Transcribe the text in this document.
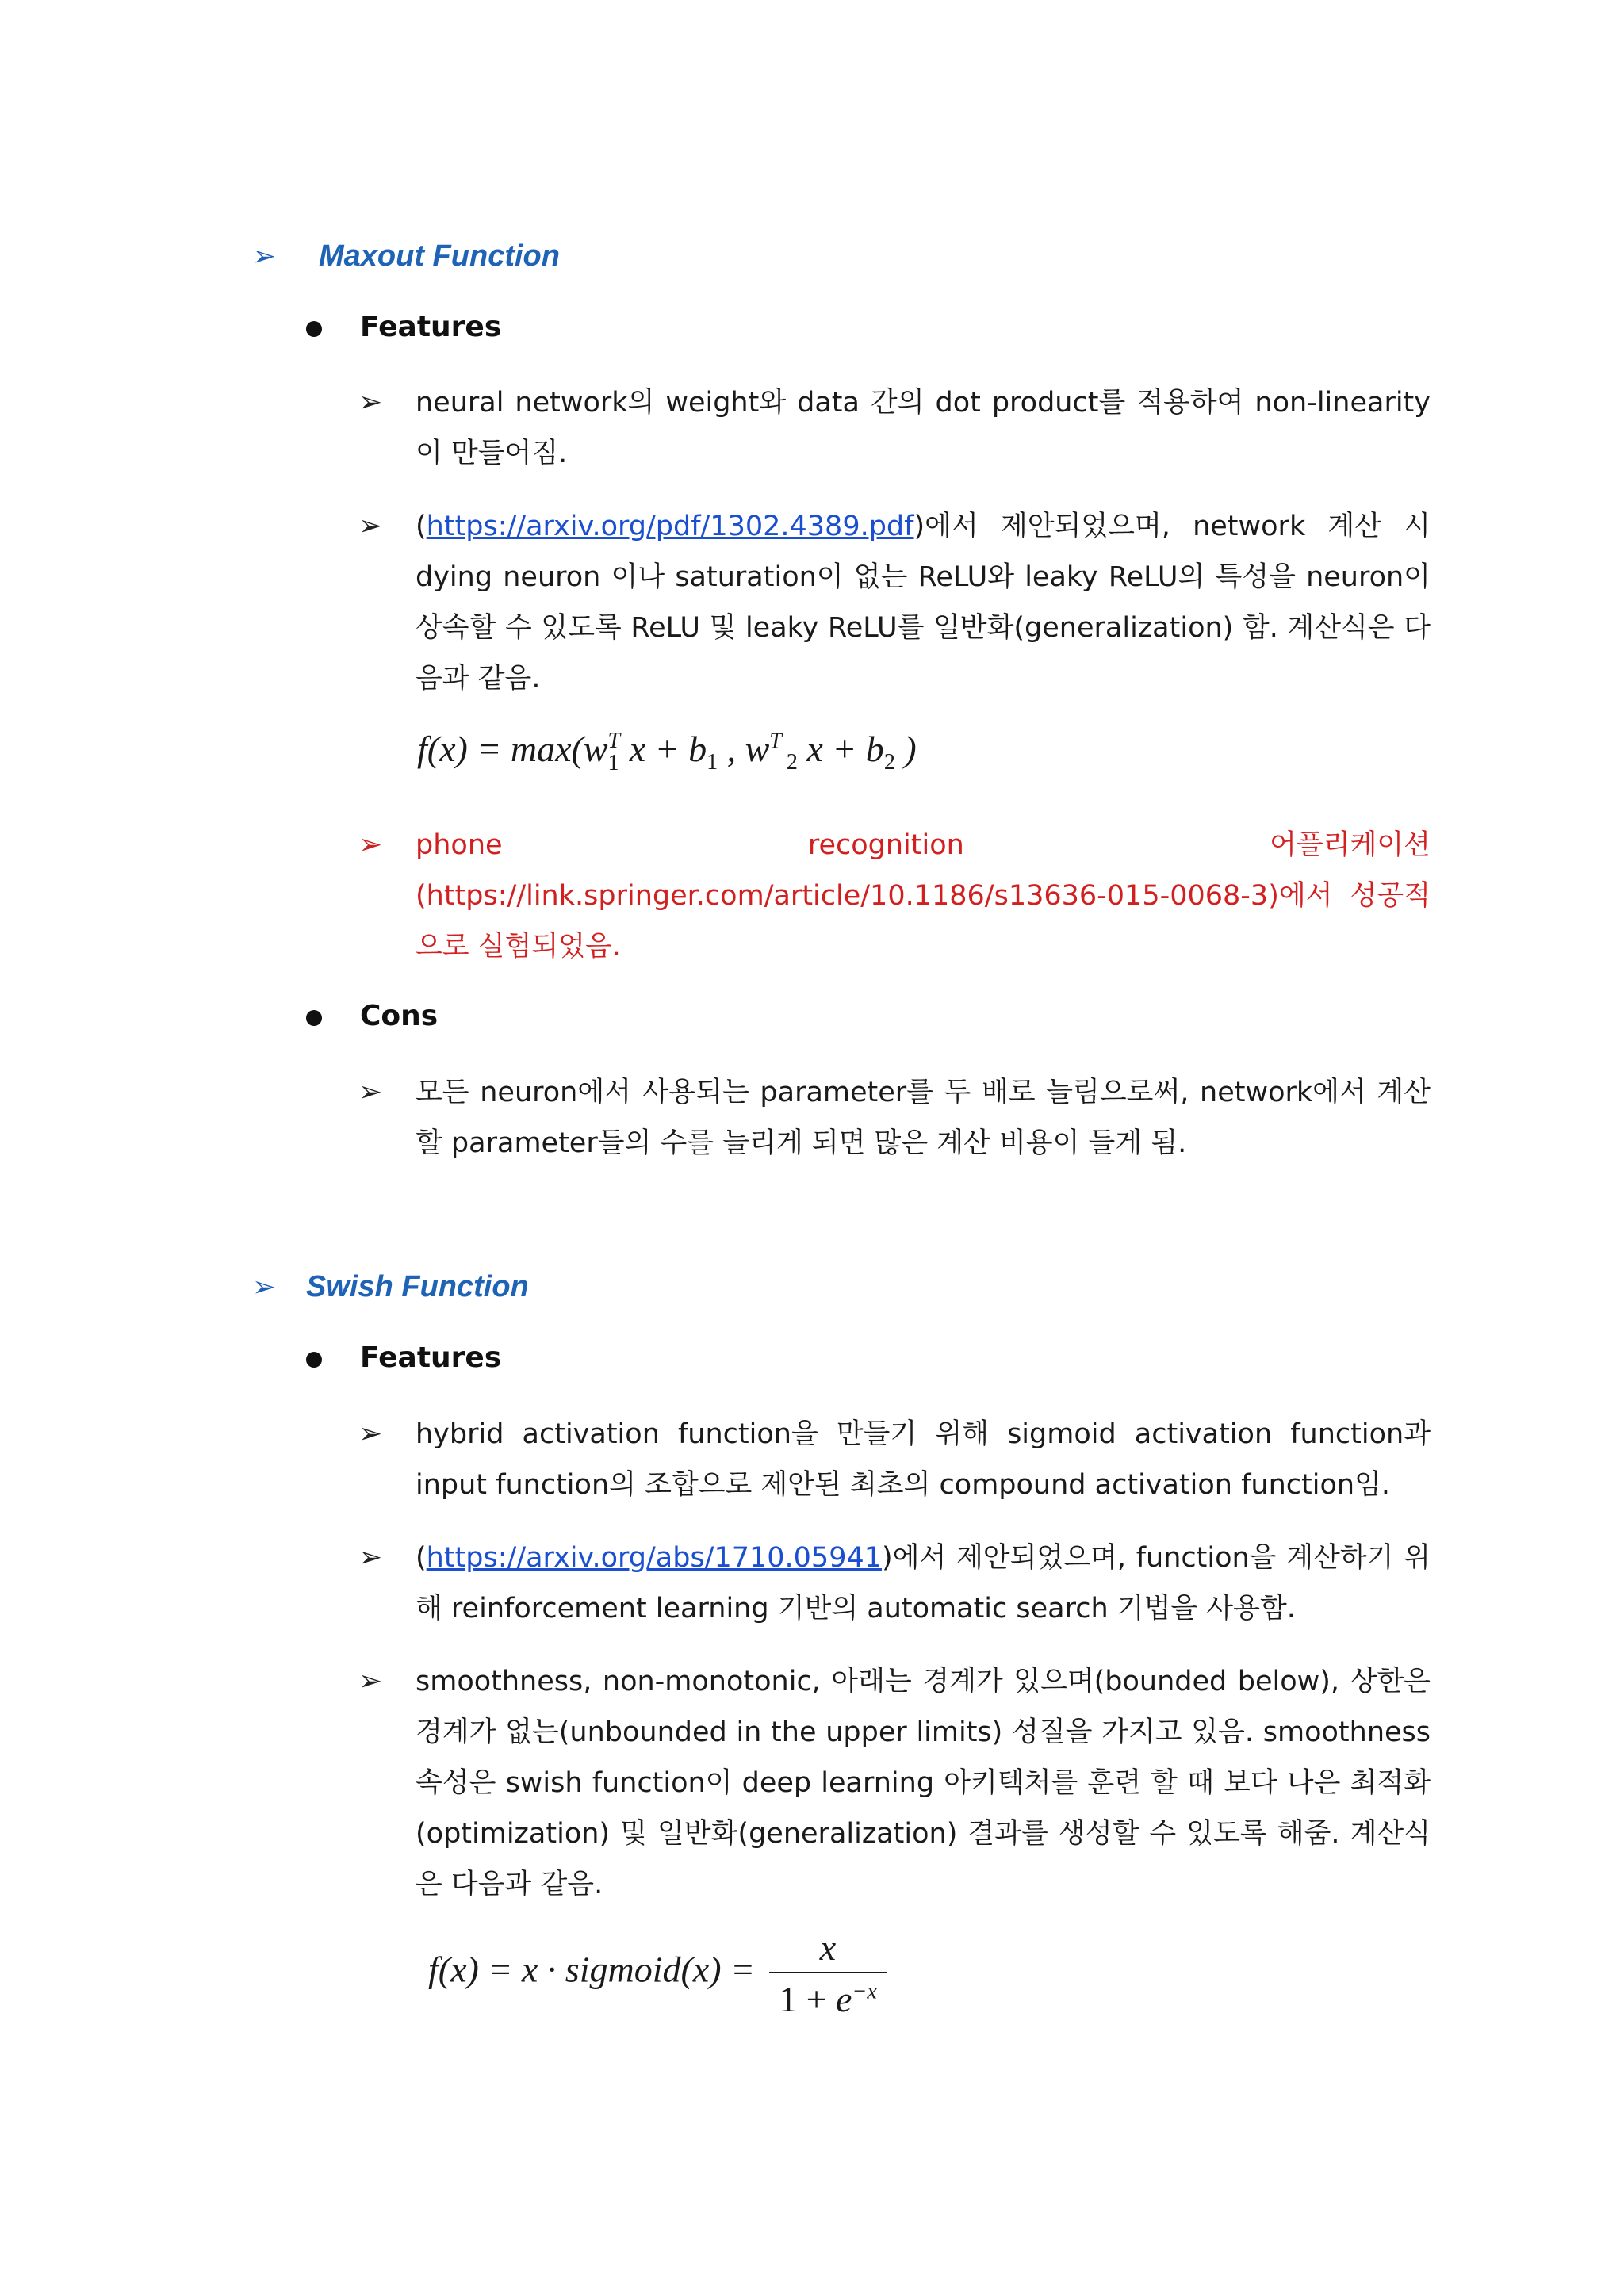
➢ Maxout Function
Features
➢ neural network의 weight와 data 간의 dot product를 적용하여 non-linearity이 만들어짐.
➢ (https://arxiv.org/pdf/1302.4389.pdf)에서 제안되었으며, network 계산 시 dying neuron 이나 saturation이 없는 ReLU와 leaky ReLU의 특성을 neuron이 상속할 수 있도록 ReLU 및 leaky ReLU를 일반화(generalization) 함. 계산식은 다음과 같음.
f(x) = max(w T
1 $x + b_1$ , $w^T_2$ $x + b_2$ )
➢ phone recognition 어플리케이션 (https://link.springer.com/article/10.1186/s13636-015-0068-3)에서 성공적으로 실험되었음.
Cons
➢ 모든 neuron에서 사용되는 parameter를 두 배로 늘림으로써, network에서 계산할 parameter들의 수를 늘리게 되면 많은 계산 비용이 들게 됨.
➢ Swish Function
Features
➢ hybrid activation function을 만들기 위해 sigmoid activation function과 input function의 조합으로 제안된 최초의 compound activation function임.
➢ (https://arxiv.org/abs/1710.05941)에서 제안되었으며, function을 계산하기 위해 reinforcement learning 기반의 automatic search 기법을 사용함.
➢ smoothness, non-monotonic, 아래는 경계가 있으며(bounded below), 상한은 경계가 없는(unbounded in the upper limits) 성질을 가지고 있음. smoothness 속성은 swish function이 deep learning 아키텍처를 훈련 할 때 보다 나은 최적화(optimization) 및 일반화(generalization) 결과를 생성할 수 있도록 해줌. 계산식은 다음과 같음.
f(x) = x · sigmoid(x) = $\frac{x}{1 + e^{-x}}$
